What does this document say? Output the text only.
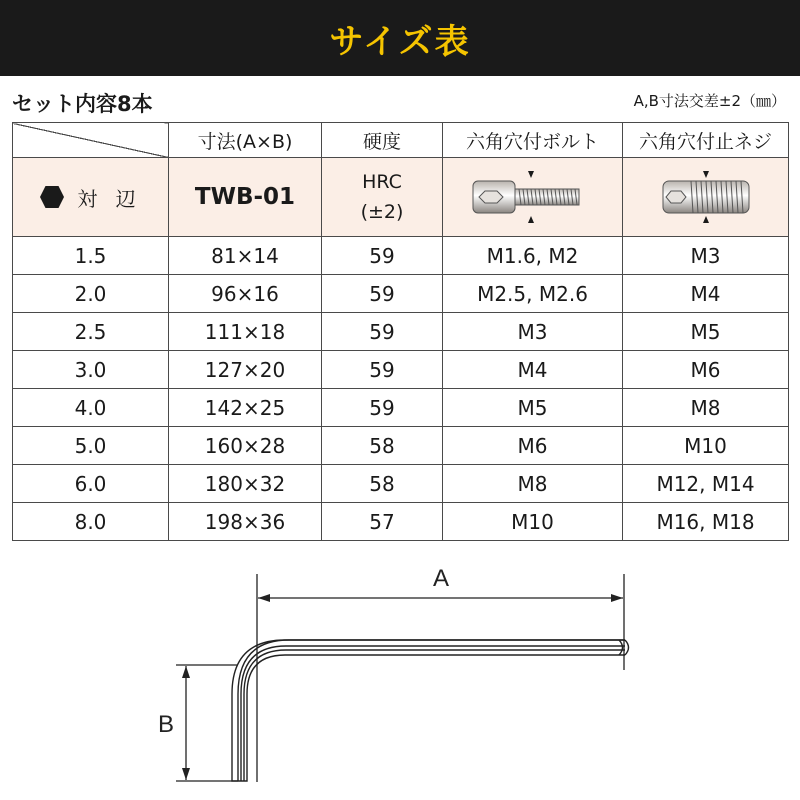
サイズ表
セット内容8本	A,B寸法交差±2（㎜）
	寸法(A×B)	硬度	六角穴付ボルト	六角穴付止ネジ

対 辺	TWB-01	HRC
(±2)

1.5	81×14	59	M1.6, M2	M3
2.0	96×16	59	M2.5, M2.6	M4
2.5	111×18	59	M3	M5
3.0	127×20	59	M4	M6
4.0	142×25	59	M5	M8
5.0	160×28	58	M6	M10
6.0	180×32	58	M8	M12, M14
8.0	198×36	57	M10	M16, M18
A
B
